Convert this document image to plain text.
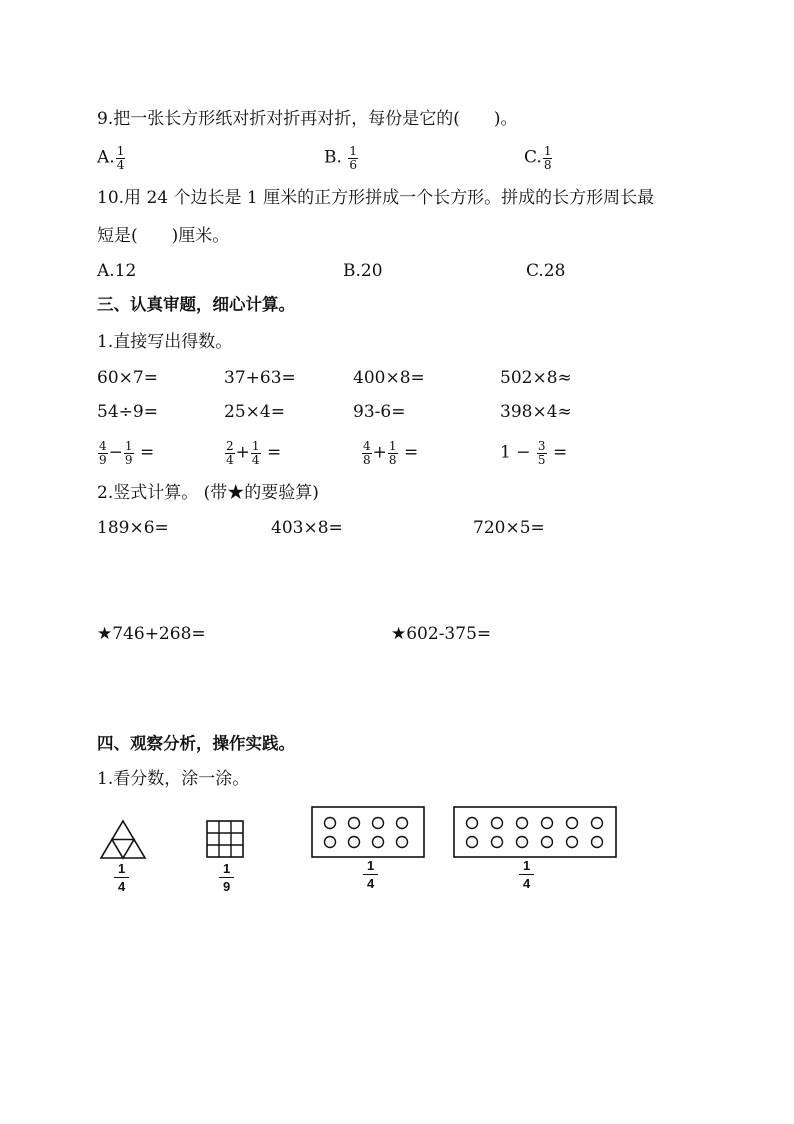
9.把一张长方形纸对折对折再对折，每份是它的(　　)。
A. $\frac{1}{4}$	B. $\frac{1}{6}$	C. $\frac{1}{8}$
10.用 24 个边长是 1 厘米的正方形拼成一个长方形。拼成的长方形周长最
短是(　　)厘米。
A.12	B.20	C.28
三、认真审题，细心计算。
1.直接写出得数。
60×7=	37+63=	400×8=	502×8≈
54÷9=	25×4=	93-6=	398×4≈
$\frac{4}{9} - \frac{1}{9}$ =	$\frac{2}{4} + \frac{1}{4}$ =	$\frac{4}{8} + \frac{1}{8}$ =	$1 - \frac{3}{5}$ =
2.竖式计算。 (带★的要验算)
189×6=	403×8=	720×5=
★746+268=	★602-375=
四、观察分析，操作实践。
1.看分数，涂一涂。
$\frac{1}{4}$	$\frac{1}{9}$	$\frac{1}{4}$	$\frac{1}{4}$
